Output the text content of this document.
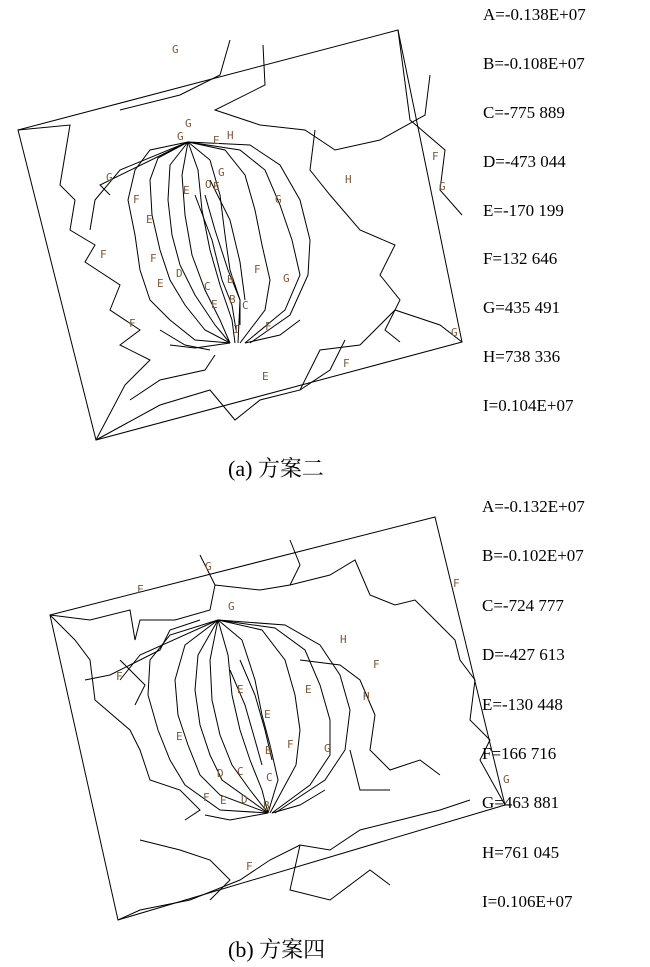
G
G
G	E H
G
F
E
E O
G
E
G
H
F
G
F	F
D
E	C
B
F
G
E B C
F	I F	G
F
E
A=-0.138E+07
B=-0.108E+07
C=-775 889
D=-473 044
E=-170 199
F=132 646
G=435 491
H=738 336
I=0.104E+07
(a) 方案二
G
F	F
G
H
F
H
F
E
E
E
E
G
F
B
D C C	G
F E D B
F
A=-0.132E+07
B=-0.102E+07
C=-724 777
D=-427 613
E=-130 448
F=166 716
G=463 881
H=761 045
I=0.106E+07
(b) 方案四
